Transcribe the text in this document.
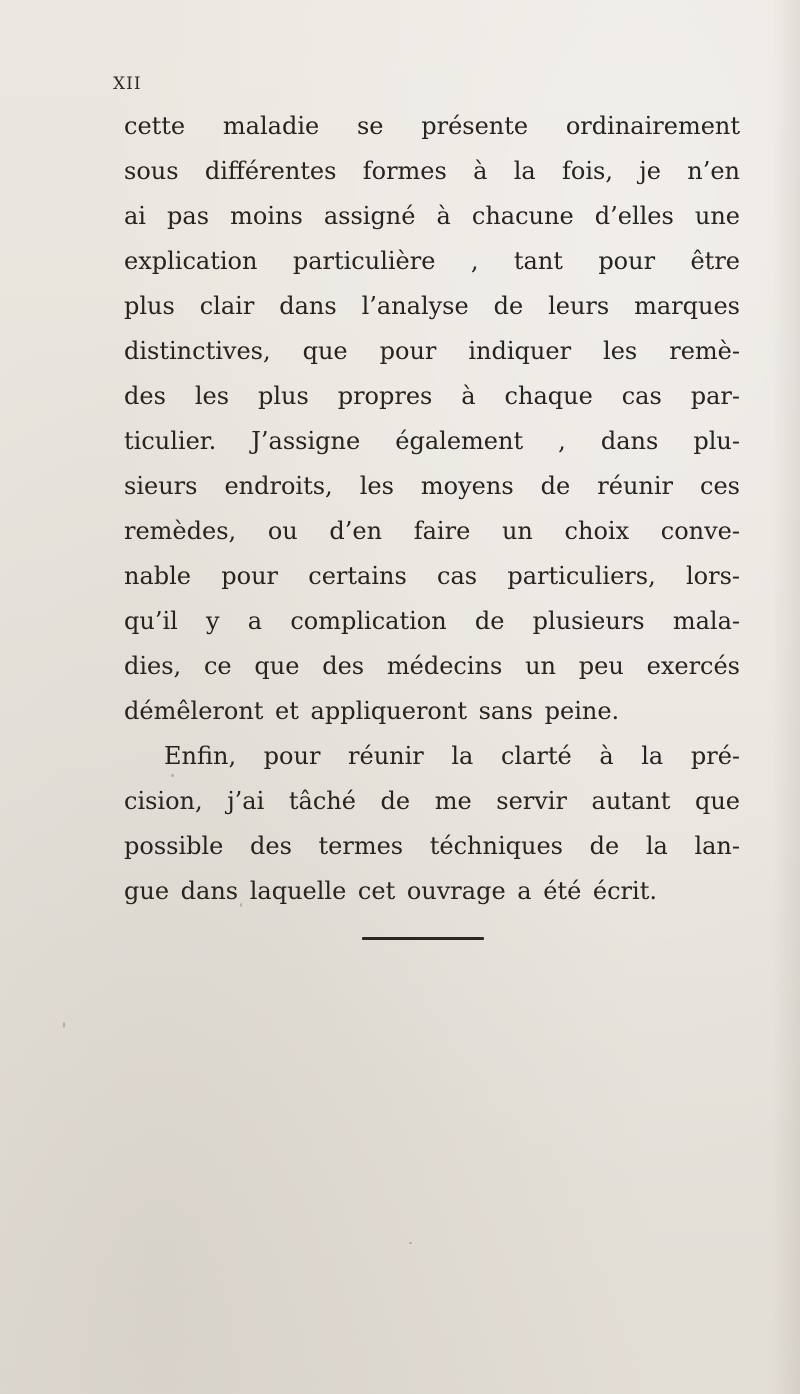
XII
cette maladie se présente ordinairement
sous différentes formes à la fois, je n’en
ai pas moins assigné à chacune d’elles une
explication particulière , tant pour être
plus clair dans l’analyse de leurs marques
distinctives, que pour indiquer les remè-
des les plus propres à chaque cas par-
ticulier. J’assigne également , dans plu-
sieurs endroits, les moyens de réunir ces
remèdes, ou d’en faire un choix conve-
nable pour certains cas particuliers, lors-
qu’il y a complication de plusieurs mala-
dies, ce que des médecins un peu exercés
démêleront et appliqueront sans peine.
Enfin, pour réunir la clarté à la pré-
cision, j’ai tâché de me servir autant que
possible des termes téchniques de la lan-
gue dans laquelle cet ouvrage a été écrit.
